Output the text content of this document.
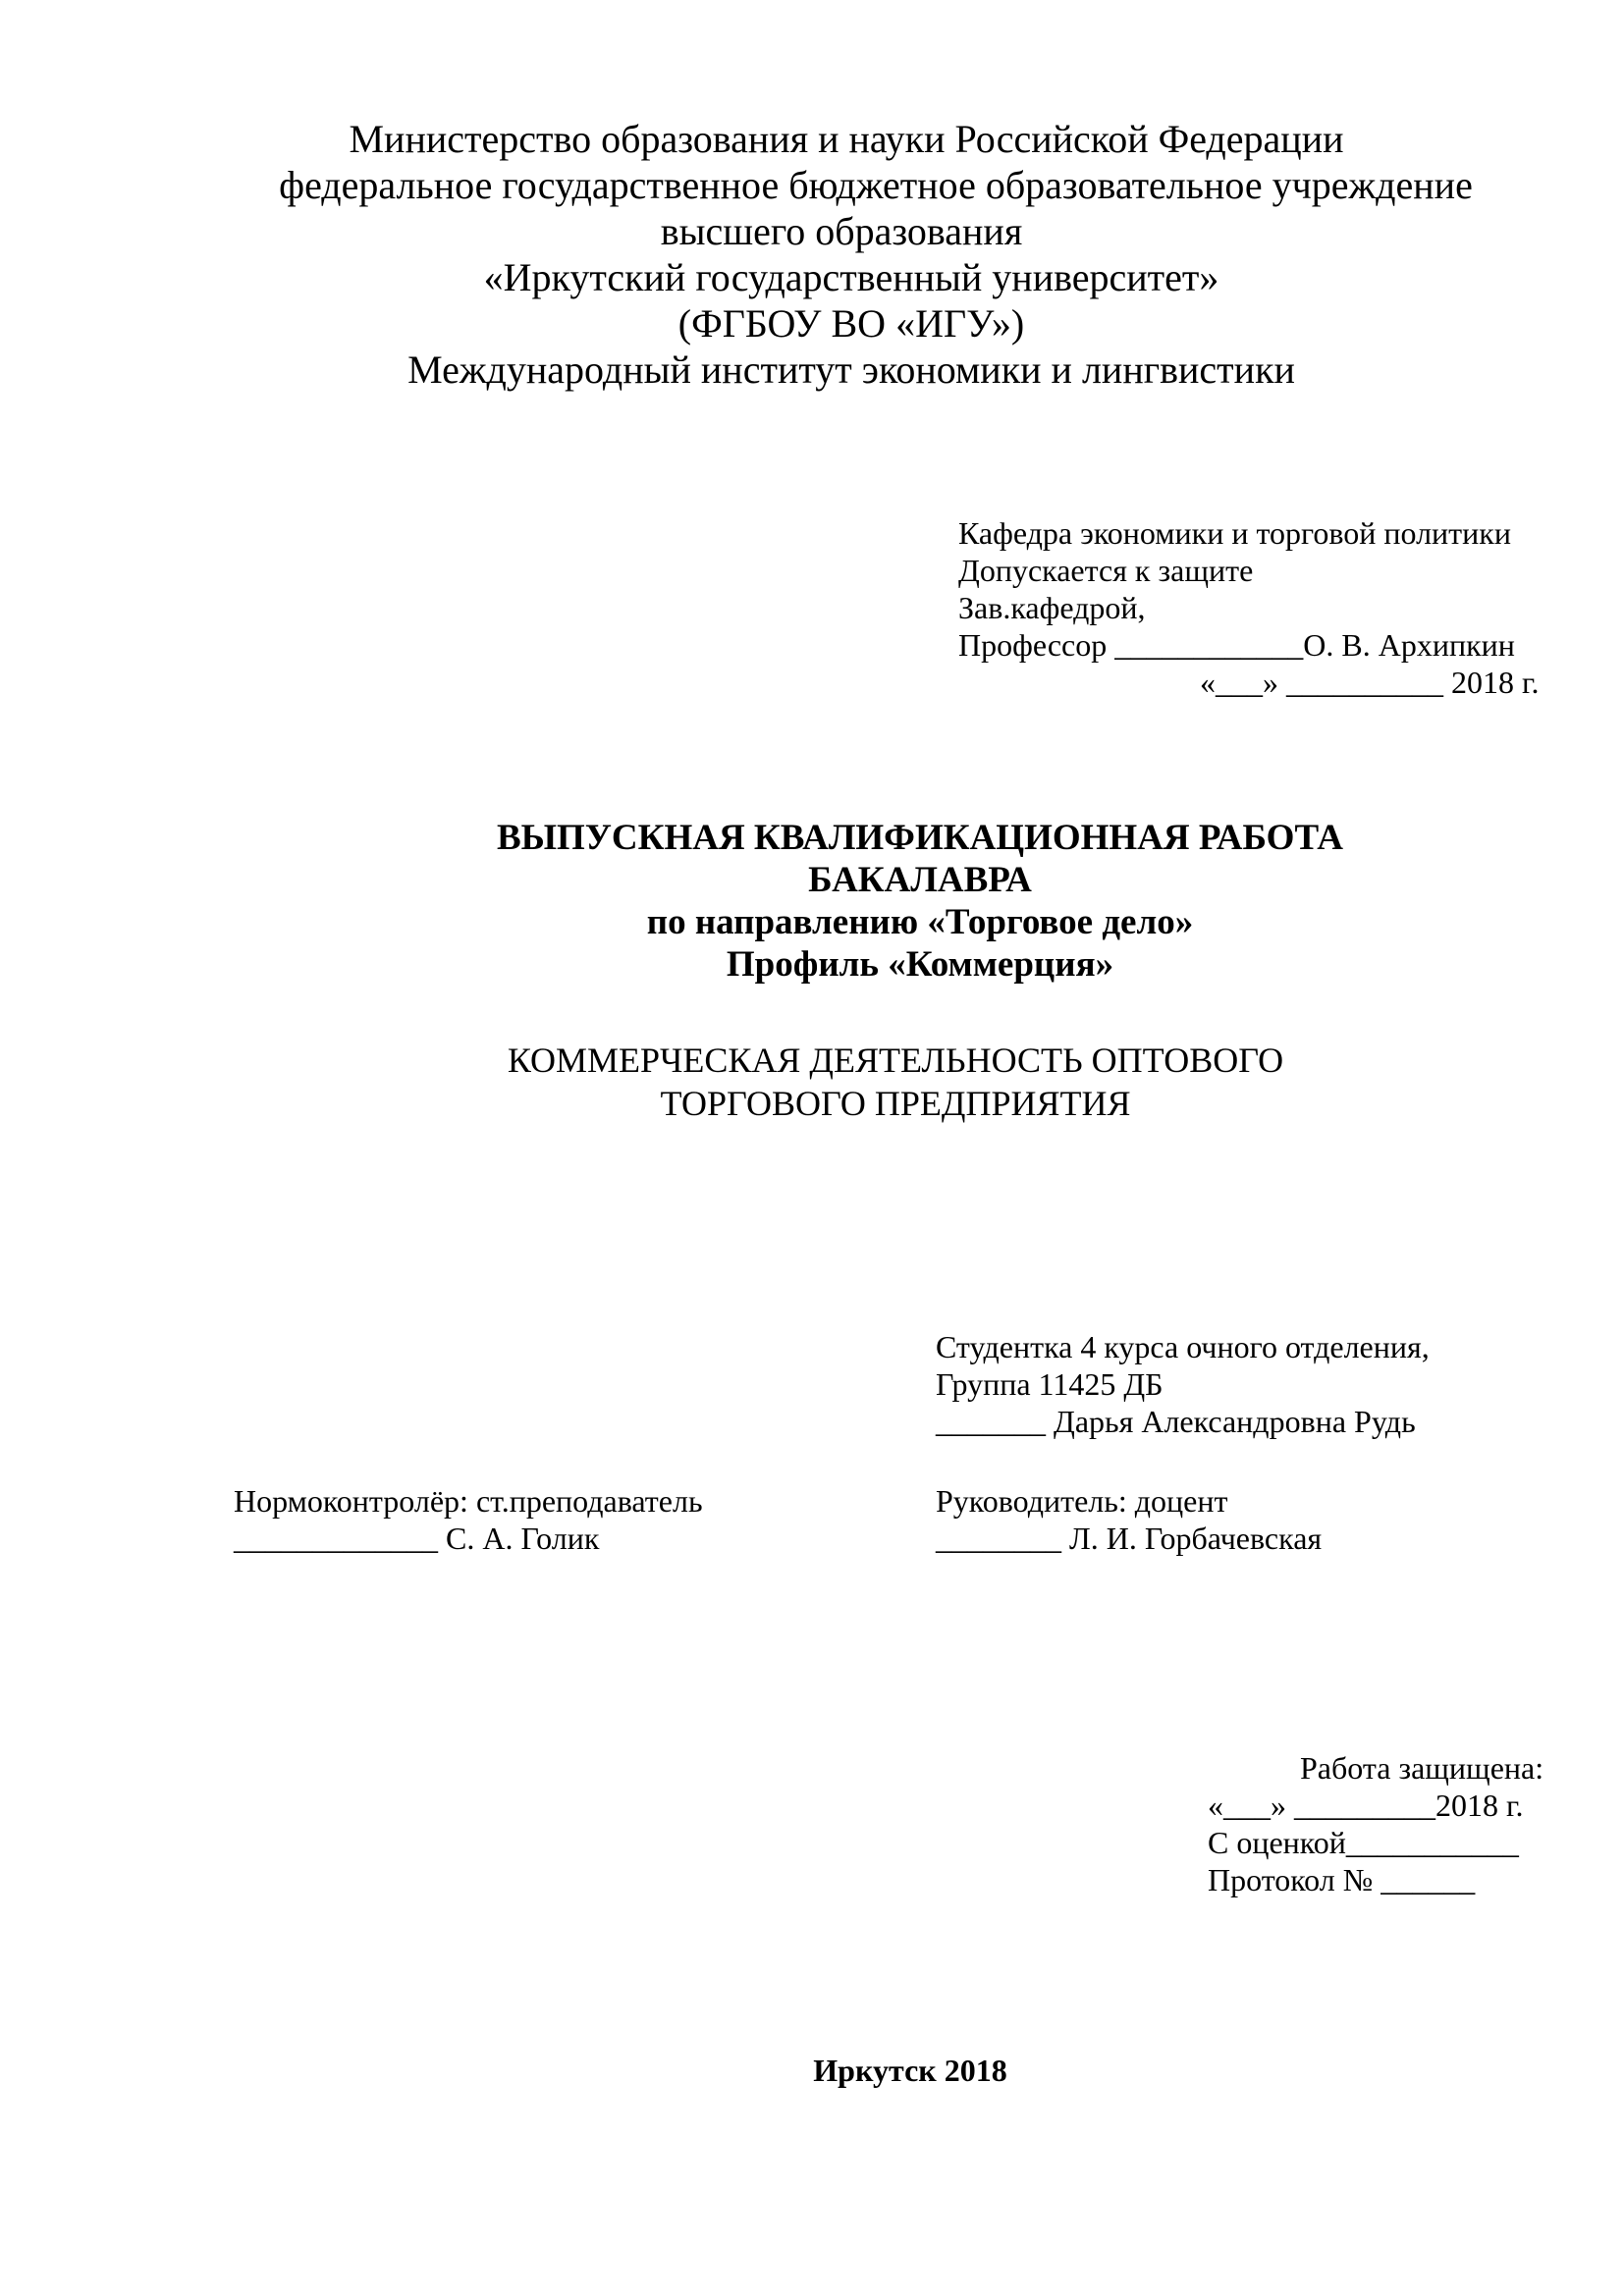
Министерство образования и науки Российской Федерации
федеральное государственное бюджетное образовательное учреждение
высшего образования
«Иркутский государственный университет»
(ФГБОУ ВО «ИГУ»)
Международный институт экономики и лингвистики
Кафедра экономики и торговой политики
Допускается к защите
Зав.кафедрой,
Профессор ____________О. В. Архипкин
«___» __________ 2018 г.
ВЫПУСКНАЯ КВАЛИФИКАЦИОННАЯ РАБОТА
БАКАЛАВРА
по направлению «Торговое дело»
Профиль «Коммерция»
КОММЕРЧЕСКАЯ ДЕЯТЕЛЬНОСТЬ ОПТОВОГО
ТОРГОВОГО ПРЕДПРИЯТИЯ
Студентка 4 курса очного отделения,
Группа 11425 ДБ
_______ Дарья Александровна Рудь
Нормоконтролёр: ст.преподаватель
_____________ С. А. Голик
Руководитель: доцент
________ Л. И. Горбачевская
Работа защищена:
«___» _________2018 г.
С оценкой___________
Протокол № ______
Иркутск 2018
